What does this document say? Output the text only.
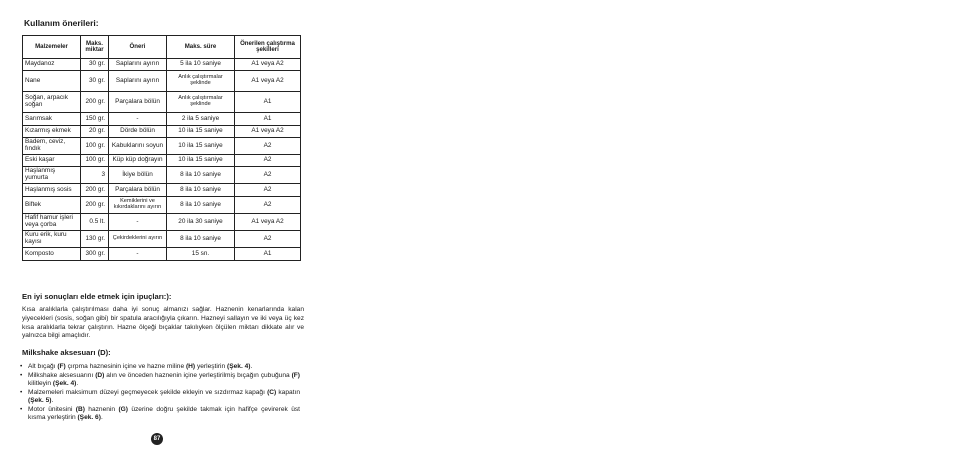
Kullanım önerileri:
Malzemeler	Maks. miktar	Öneri	Maks. süre	Önerilen çalıştırma şekilleri
Maydanoz	30 gr.	Saplarını ayırın	5 ila 10 saniye	A1 veya A2
Nane	30 gr.	Saplarını ayırın	Anlık çalıştırmalar şeklinde	A1 veya A2
Soğan, arpacık soğan	200 gr.	Parçalara bölün	Anlık çalıştırmalar şeklinde	A1
Sarımsak	150 gr.	-	2 ila 5 saniye	A1
Kızarmış ekmek	20 gr.	Dörde bölün	10 ila 15 saniye	A1 veya A2
Badem, ceviz, fındık	100 gr.	Kabuklarını soyun	10 ila 15 saniye	A2
Eski kaşar	100 gr.	Küp küp doğrayın	10 ila 15 saniye	A2
Haşlanmış yumurta	3	İkiye bölün	8 ila 10 saniye	A2
Haşlanmış sosis	200 gr.	Parçalara bölün	8 ila 10 saniye	A2
Biftek	200 gr.	Kemiklerini ve kıkırdaklarını ayırın	8 ila 10 saniye	A2
Hafif hamur işleri veya çorba	0.5 lt.	-	20 ila 30 saniye	A1 veya A2
Kuru erik, kuru kayısı	130 gr.	Çekirdeklerini ayırın	8 ila 10 saniye	A2
Komposto	300 gr.	-	15 sn.	A1
En iyi sonuçları elde etmek için ipuçları:):

Kısa aralıklarla çalıştırılması daha iyi sonuç almanızı sağlar. Haznenin kenarlarında kalan yiyecekleri (sosis, soğan gibi) bir spatula aracılığıyla çıkarın. Hazneyi sallayın ve iki veya üç kez kısa aralıklarla tekrar çalıştırın. Hazne ölçeği bıçaklar takılıyken ölçülen miktarı dikkate alır ve yalnızca bilgi amaçlıdır.

Milkshake aksesuarı (D):
• Alt bıçağı (F) çırpma haznesinin içine ve hazne miline (H) yerleştirin (Şek. 4).
• Milkshake aksesuarını (D) alın ve önceden haznenin içine yerleştirilmiş bıçağın çubuğuna (F) kilitleyin (Şek. 4).
• Malzemeleri maksimum düzeyi geçmeyecek şekilde ekleyin ve sızdırmaz kapağı (C) kapatın (Şek. 5).
• Motor ünitesini (B) haznenin (G) üzerine doğru şekilde takmak için hafifçe çevirerek üst kısma yerleştirin (Şek. 6).
87
